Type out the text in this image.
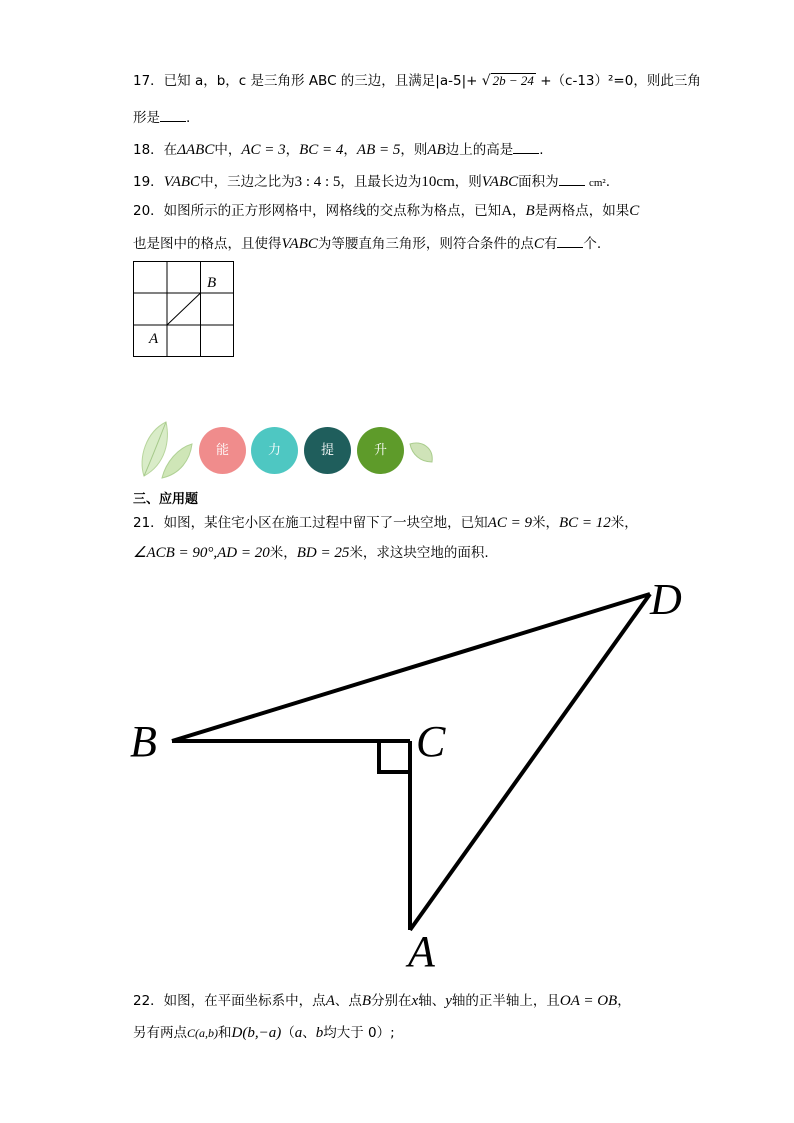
17．已知 a，b，c 是三角形 ABC 的三边，且满足|a-5|+ √ 2b − 24 +（c-13）²=0，则此三角
形是 .
18．在ΔABC中，AC = 3，BC = 4，AB = 5，则AB边上的高是 .
19．VABC中，三边之比为3 : 4 : 5，且最长边为10cm，则VABC面积为	cm².
20．如图所示的正方形网格中，网格线的交点称为格点，已知A，B是两格点，如果C
也是图中的格点，且使得VABC为等腰直角三角形，则符合条件的点C有 个.
B
A
能	力	提	升
三、应用题
21．如图，某住宅小区在施工过程中留下了一块空地，已知AC = 9米，BC = 12米，
∠ACB = 90°,AD = 20米，BD = 25米，求这块空地的面积.
B	C
A
D
22．如图，在平面坐标系中，点A、点B分别在x轴、y轴的正半轴上，且OA = OB，
另有两点C(a,b)和D(b,−a)（a、b均大于 0）;
